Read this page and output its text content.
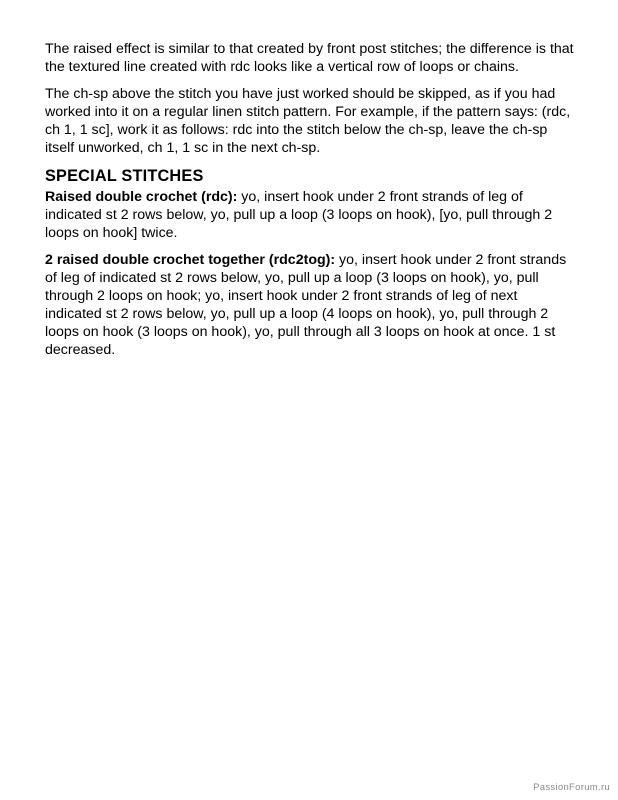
The raised effect is similar to that created by front post stitches; the difference is that the textured line created with rdc looks like a vertical row of loops or chains.

The ch-sp above the stitch you have just worked should be skipped, as if you had worked into it on a regular linen stitch pattern. For example, if the pattern says: (rdc, ch 1, 1 sc], work it as follows: rdc into the stitch below the ch-sp, leave the ch-sp itself unworked, ch 1, 1 sc in the next ch-sp.

SPECIAL STITCHES

Raised double crochet (rdc): yo, insert hook under 2 front strands of leg of indicated st 2 rows below, yo, pull up a loop (3 loops on hook), [yo, pull through 2 loops on hook] twice.

2 raised double crochet together (rdc2tog): yo, insert hook under 2 front strands of leg of indicated st 2 rows below, yo, pull up a loop (3 loops on hook), yo, pull through 2 loops on hook; yo, insert hook under 2 front strands of leg of next indicated st 2 rows below, yo, pull up a loop (4 loops on hook), yo, pull through 2 loops on hook (3 loops on hook), yo, pull through all 3 loops on hook at once. 1 st decreased.

PassionForum.ru
